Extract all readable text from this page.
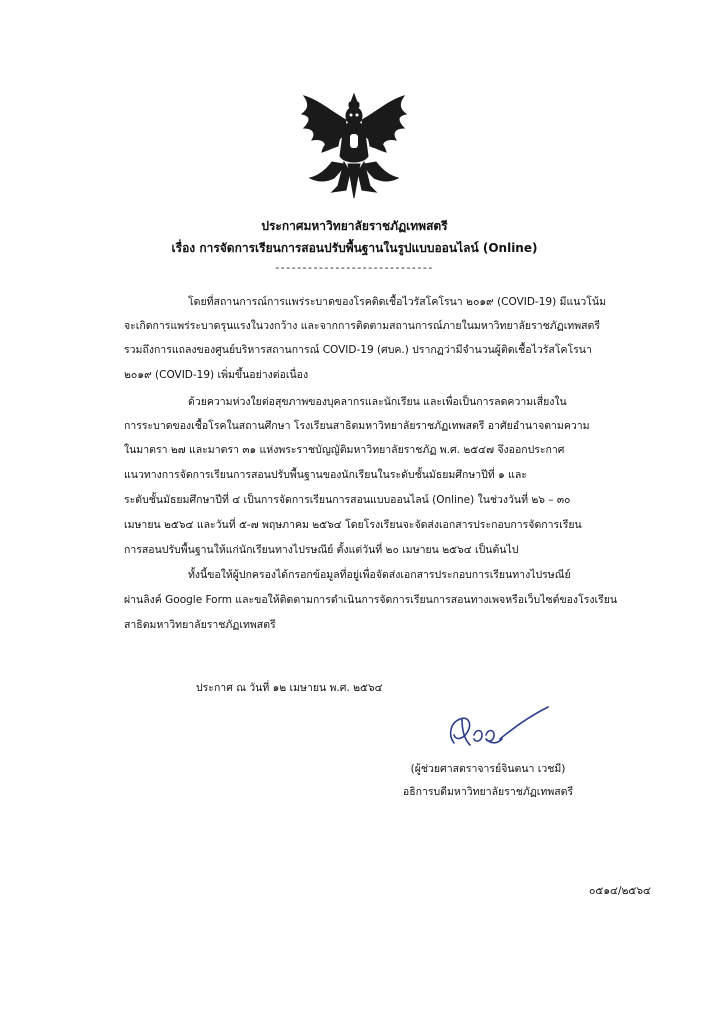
ประกาศมหาวิทยาลัยราชภัฏเทพสตรี
เรื่อง การจัดการเรียนการสอนปรับพื้นฐานในรูปแบบออนไลน์ (Online)
-----------------------------
โดยที่สถานการณ์การแพร่ระบาดของโรคติดเชื้อไวรัสโคโรนา ๒๐๑๙ (COVID-19) มีแนวโน้ม
จะเกิดการแพร่ระบาดรุนแรงในวงกว้าง และจากการติดตามสถานการณ์ภายในมหาวิทยาลัยราชภัฏเทพสตรี
รวมถึงการแถลงของศูนย์บริหารสถานการณ์ COVID-19 (ศบค.) ปรากฏว่ามีจำนวนผู้ติดเชื้อไวรัสโคโรนา
๒๐๑๙ (COVID-19) เพิ่มขึ้นอย่างต่อเนื่อง
ด้วยความห่วงใยต่อสุขภาพของบุคลากรและนักเรียน และเพื่อเป็นการลดความเสี่ยงใน
การระบาดของเชื้อโรคในสถานศึกษา โรงเรียนสาธิตมหาวิทยาลัยราชภัฏเทพสตรี อาศัยอำนาจตามความ
ในมาตรา ๒๗ และมาตรา ๓๑ แห่งพระราชบัญญัติมหาวิทยาลัยราชภัฏ พ.ศ. ๒๕๔๗ จึงออกประกาศ
แนวทางการจัดการเรียนการสอนปรับพื้นฐานของนักเรียนในระดับชั้นมัธยมศึกษาปีที่ ๑ และ
ระดับชั้นมัธยมศึกษาปีที่ ๔ เป็นการจัดการเรียนการสอนแบบออนไลน์ (Online) ในช่วงวันที่ ๒๖ – ๓๐
เมษายน ๒๕๖๔ และวันที่ ๕-๗ พฤษภาคม ๒๕๖๔ โดยโรงเรียนจะจัดส่งเอกสารประกอบการจัดการเรียน
การสอนปรับพื้นฐานให้แก่นักเรียนทางไปรษณีย์ ตั้งแต่วันที่ ๒๐ เมษายน ๒๕๖๔ เป็นต้นไป
ทั้งนี้ขอให้ผู้ปกครองได้กรอกข้อมูลที่อยู่เพื่อจัดส่งเอกสารประกอบการเรียนทางไปรษณีย์
ผ่านลิงค์ Google Form และขอให้ติดตามการดำเนินการจัดการเรียนการสอนทางเพจหรือเว็บไซต์ของโรงเรียน
สาธิตมหาวิทยาลัยราชภัฏเทพสตรี
ประกาศ ณ วันที่ ๑๒ เมษายน พ.ศ. ๒๕๖๔
(ผู้ช่วยศาสตราจารย์จินตนา เวชมี)
อธิการบดีมหาวิทยาลัยราชภัฏเทพสตรี
๐๕๑๔/๒๕๖๔
